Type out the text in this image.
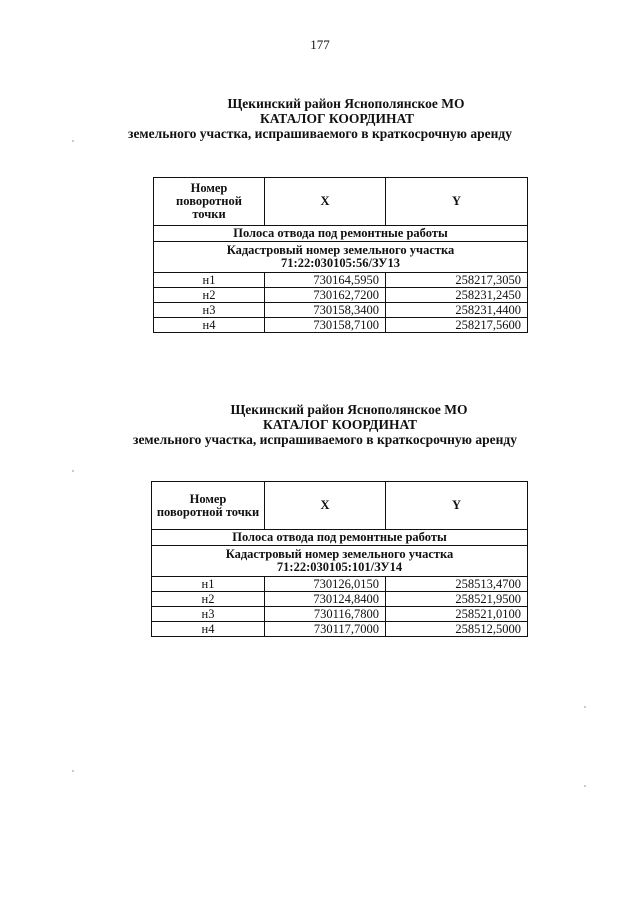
177
Щекинский район Яснополянское МО
КАТАЛОГ КООРДИНАТ
земельного участка, испрашиваемого в краткосрочную аренду
Номер поворотной точки	X	Y
Полоса отвода под ремонтные работы		

Кадастровый номер земельного участка
71:22:030105:56/ЗУ13		

н1	730164,5950	258217,3050
н2	730162,7200	258231,2450
н3	730158,3400	258231,4400
н4	730158,7100	258217,5600
Щекинский район Яснополянское МО
КАТАЛОГ КООРДИНАТ
земельного участка, испрашиваемого в краткосрочную аренду
Номер поворотной точки	X	Y
Полоса отвода под ремонтные работы		

Кадастровый номер земельного участка
71:22:030105:101/ЗУ14		

н1	730126,0150	258513,4700
н2	730124,8400	258521,9500
н3	730116,7800	258521,0100
н4	730117,7000	258512,5000
